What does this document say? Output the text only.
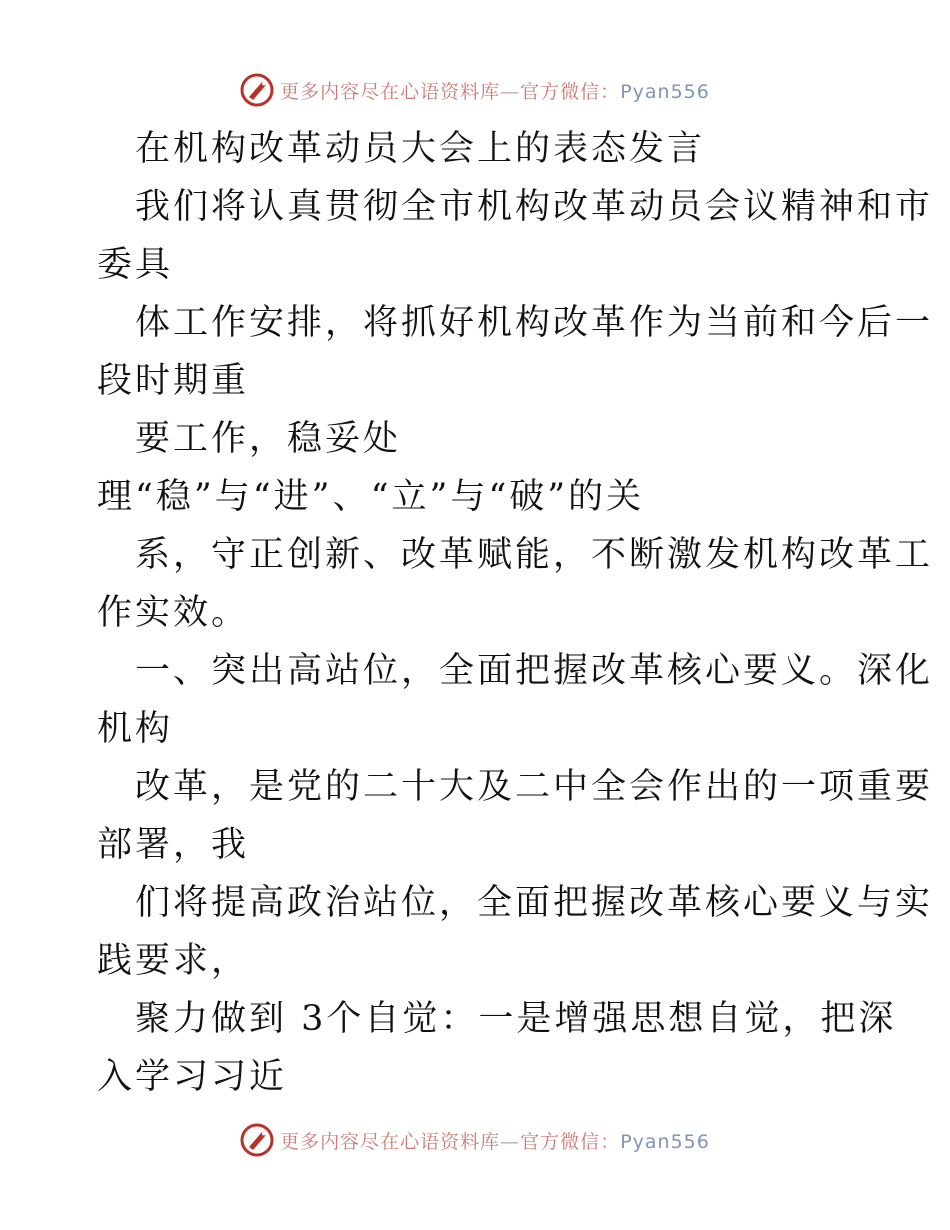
更多内容尽在心语资料库—官方微信：Pyan556
在机构改革动员大会上的表态发言
我们将认真贯彻全市机构改革动员会议精神和市
委具
体工作安排，将抓好机构改革作为当前和今后一
段时期重
要工作，稳妥处
理“稳”与“进”、“立”与“破”的关
系，守正创新、改革赋能，不断激发机构改革工
作实效。
一、突出高站位，全面把握改革核心要义。深化
机构
改革，是党的二十大及二中全会作出的一项重要
部署，我
们将提高政治站位，全面把握改革核心要义与实
践要求，
聚力做到 3个自觉：一是增强思想自觉，把深
入学习习近
更多内容尽在心语资料库—官方微信：Pyan556
